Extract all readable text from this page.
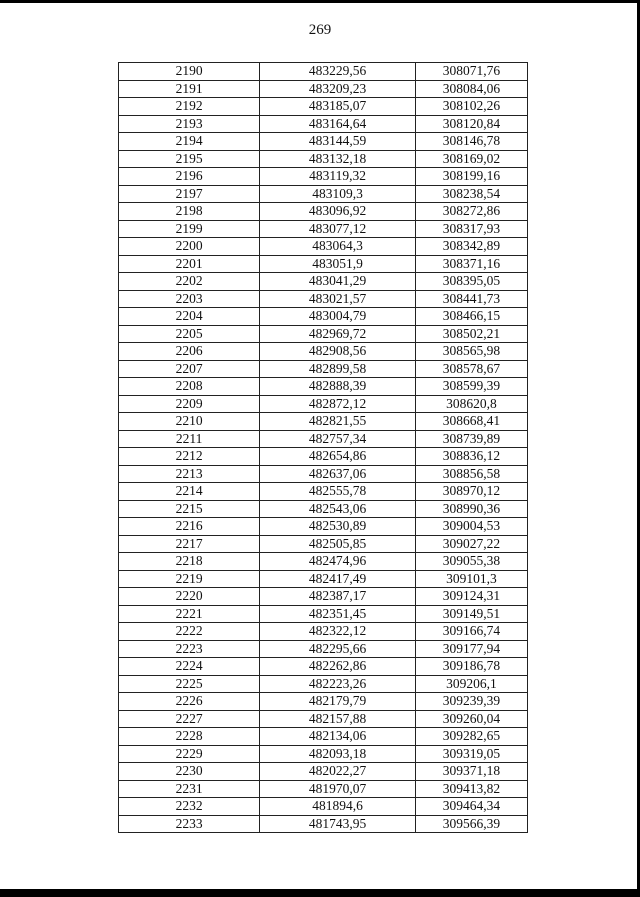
269
2190	483229,56	308071,76
2191	483209,23	308084,06
2192	483185,07	308102,26
2193	483164,64	308120,84
2194	483144,59	308146,78
2195	483132,18	308169,02
2196	483119,32	308199,16
2197	483109,3	308238,54
2198	483096,92	308272,86
2199	483077,12	308317,93
2200	483064,3	308342,89
2201	483051,9	308371,16
2202	483041,29	308395,05
2203	483021,57	308441,73
2204	483004,79	308466,15
2205	482969,72	308502,21
2206	482908,56	308565,98
2207	482899,58	308578,67
2208	482888,39	308599,39
2209	482872,12	308620,8
2210	482821,55	308668,41
2211	482757,34	308739,89
2212	482654,86	308836,12
2213	482637,06	308856,58
2214	482555,78	308970,12
2215	482543,06	308990,36
2216	482530,89	309004,53
2217	482505,85	309027,22
2218	482474,96	309055,38
2219	482417,49	309101,3
2220	482387,17	309124,31
2221	482351,45	309149,51
2222	482322,12	309166,74
2223	482295,66	309177,94
2224	482262,86	309186,78
2225	482223,26	309206,1
2226	482179,79	309239,39
2227	482157,88	309260,04
2228	482134,06	309282,65
2229	482093,18	309319,05
2230	482022,27	309371,18
2231	481970,07	309413,82
2232	481894,6	309464,34
2233	481743,95	309566,39
